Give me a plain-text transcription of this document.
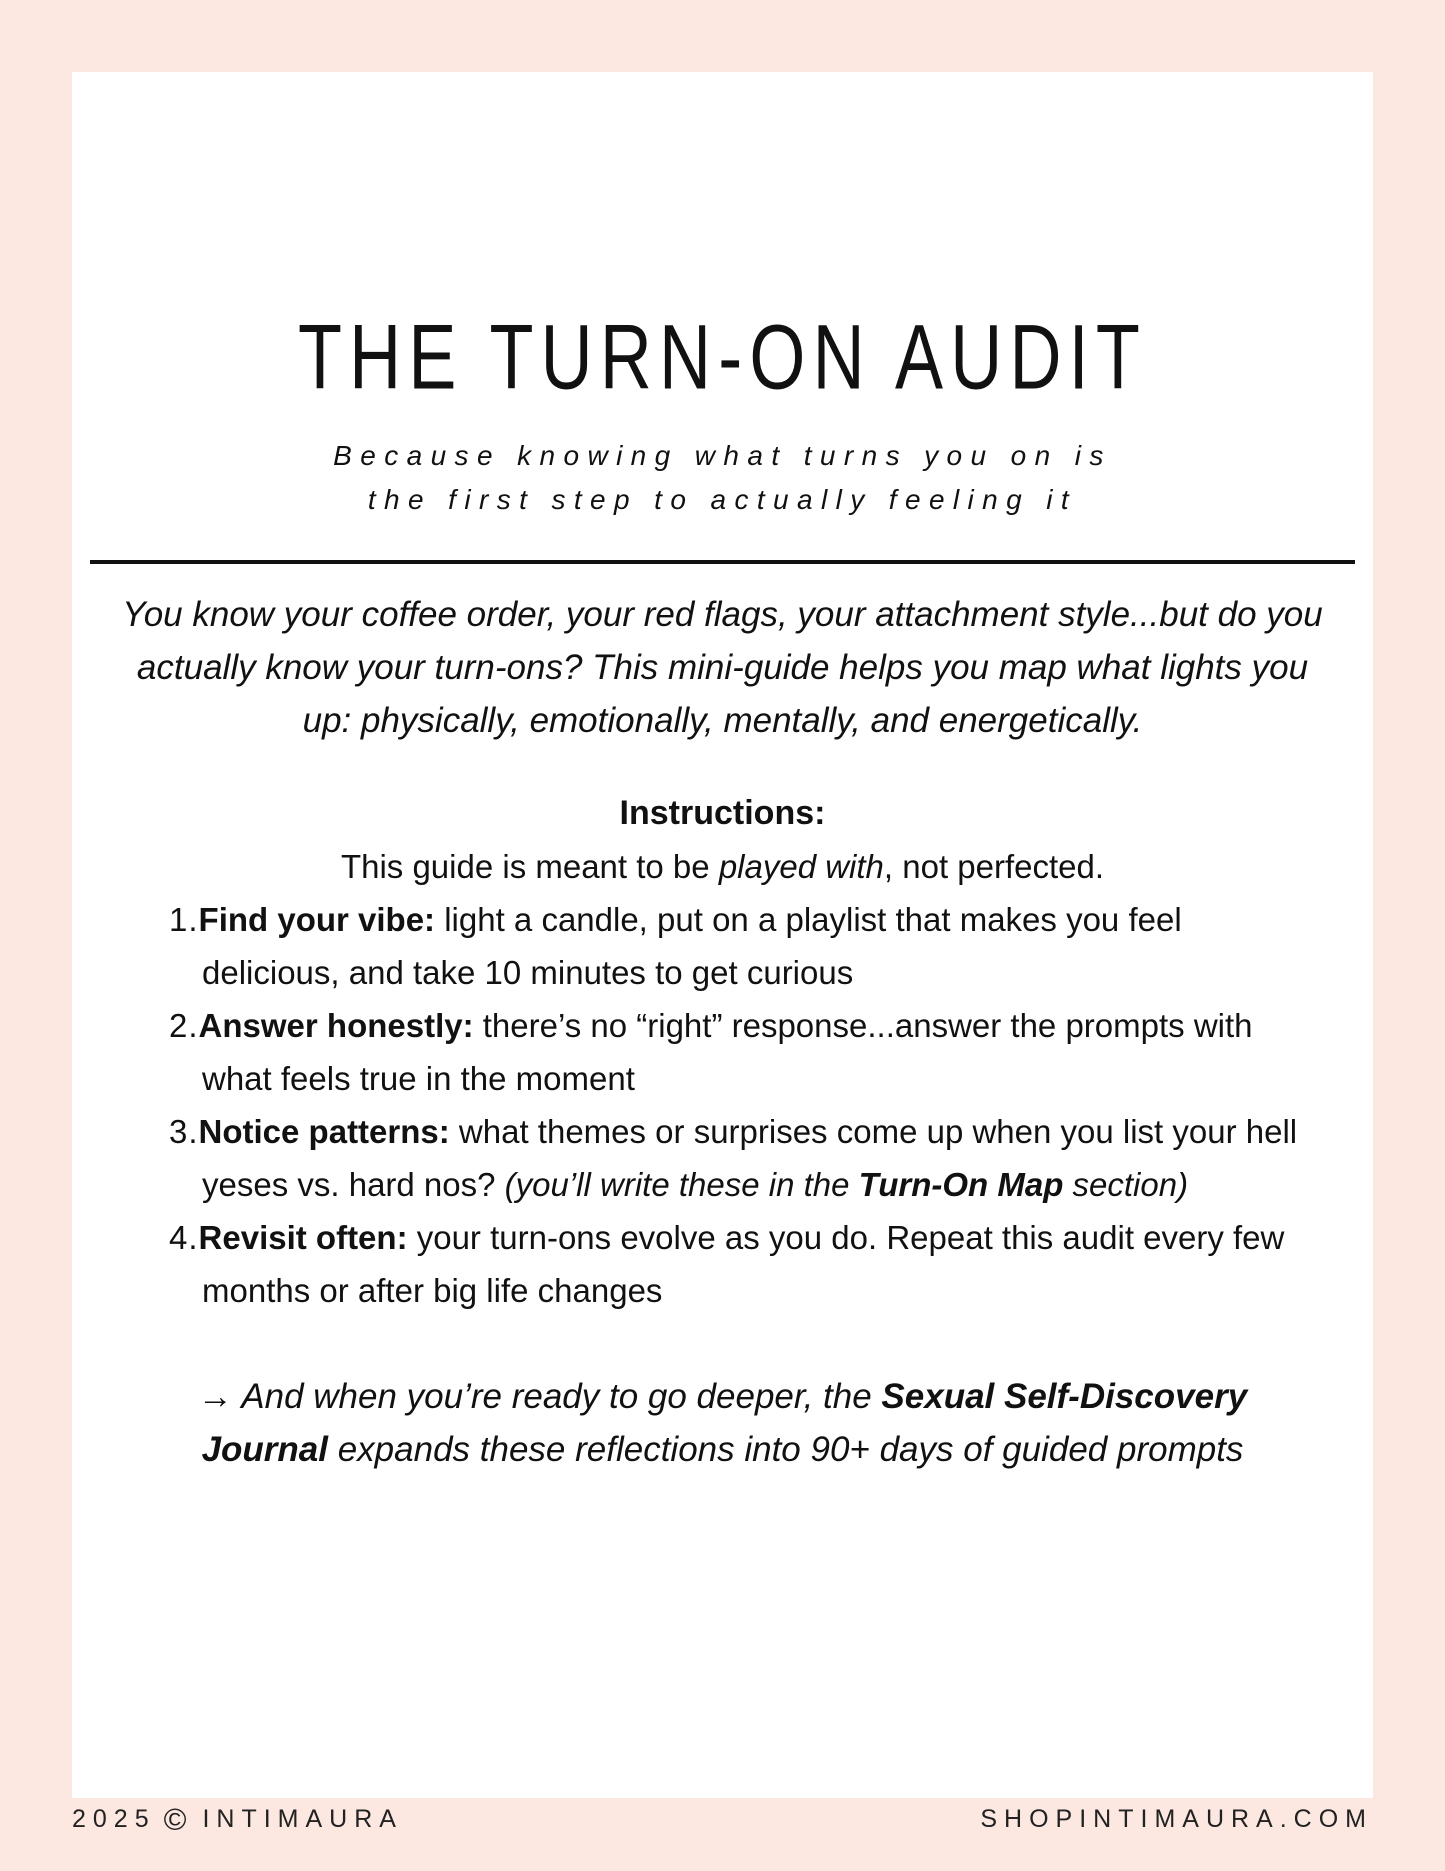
THE TURN-ON AUDIT
Because knowing what turns you on is
the first step to actually feeling it

You know your coffee order, your red flags, your attachment style...but do you actually know your turn-ons? This mini-guide helps you map what lights you up: physically, emotionally, mentally, and energetically.

Instructions:

This guide is meant to be played with, not perfected.

1.Find your vibe: light a candle, put on a playlist that makes you feel delicious, and take 10 minutes to get curious
2.Answer honestly: there’s no “right” response...answer the prompts with what feels true in the moment
3.Notice patterns: what themes or surprises come up when you list your hell yeses vs. hard nos? (you’ll write these in the Turn-On Map section)
4.Revisit often: your turn-ons evolve as you do. Repeat this audit every few months or after big life changes

→ And when you’re ready to go deeper, the Sexual Self-Discovery Journal expands these reflections into 90+ days of guided prompts

2025 © INTIMAURA	SHOPINTIMAURA.COM
